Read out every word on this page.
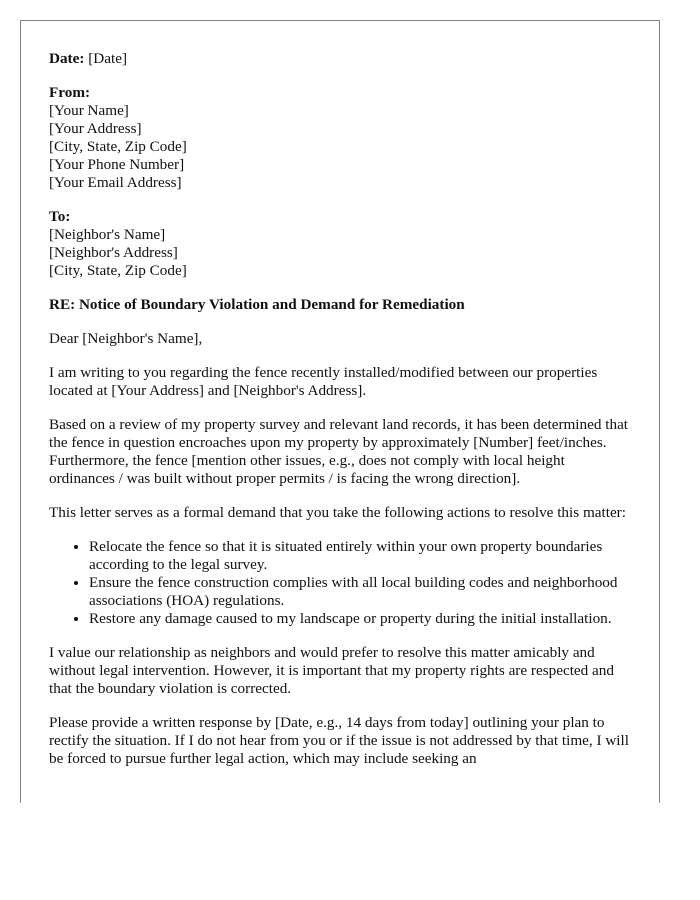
Date: [Date]
From:
[Your Name]
[Your Address]
[City, State, Zip Code]
[Your Phone Number]
[Your Email Address]
To:
[Neighbor's Name]
[Neighbor's Address]
[City, State, Zip Code]
RE: Notice of Boundary Violation and Demand for Remediation

Dear [Neighbor's Name],

I am writing to you regarding the fence recently installed/modified between our properties located at [Your Address] and [Neighbor's Address].

Based on a review of my property survey and relevant land records, it has been determined that the fence in question encroaches upon my property by approximately [Number] feet/inches. Furthermore, the fence [mention other issues, e.g., does not comply with local height ordinances / was built without proper permits / is facing the wrong direction].

This letter serves as a formal demand that you take the following actions to resolve this matter:

• Relocate the fence so that it is situated entirely within your own property boundaries according to the legal survey.
• Ensure the fence construction complies with all local building codes and neighborhood associations (HOA) regulations.
• Restore any damage caused to my landscape or property during the initial installation.

I value our relationship as neighbors and would prefer to resolve this matter amicably and without legal intervention. However, it is important that my property rights are respected and that the boundary violation is corrected.

Please provide a written response by [Date, e.g., 14 days from today] outlining your plan to rectify the situation. If I do not hear from you or if the issue is not addressed by that time, I will be forced to pursue further legal action, which may include seeking an
